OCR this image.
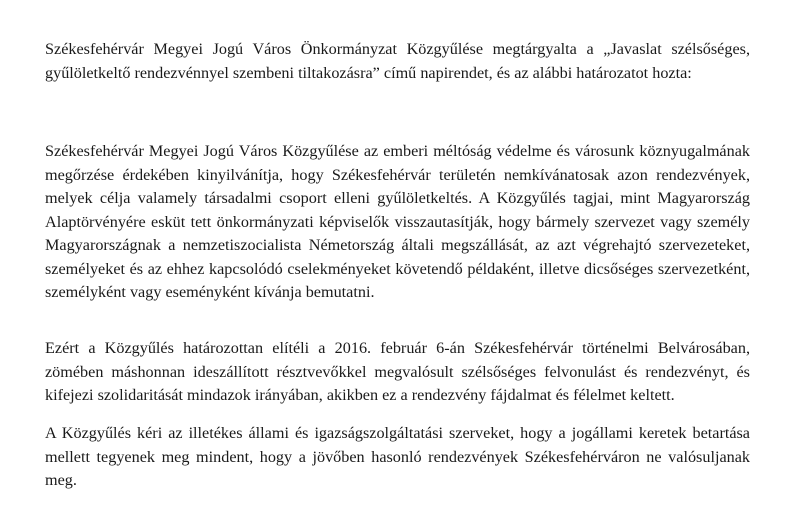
Székesfehérvár Megyei Jogú Város Önkormányzat Közgyűlése megtárgyalta a „Javaslat szélsőséges, gyűlöletkeltő rendezvénnyel szembeni tiltakozásra” című napirendet, és az alábbi határozatot hozta:

Székesfehérvár Megyei Jogú Város Közgyűlése az emberi méltóság védelme és városunk köznyugalmának megőrzése érdekében kinyilvánítja, hogy Székesfehérvár területén nemkívánatosak azon rendezvények, melyek célja valamely társadalmi csoport elleni gyűlöletkeltés. A Közgyűlés tagjai, mint Magyarország Alaptörvényére esküt tett önkormányzati képviselők visszautasítják, hogy bármely szervezet vagy személy Magyarországnak a nemzetiszocialista Németország általi megszállását, az azt végrehajtó szervezeteket, személyeket és az ehhez kapcsolódó cselekményeket követendő példaként, illetve dicsőséges szervezetként, személyként vagy eseményként kívánja bemutatni.

Ezért a Közgyűlés határozottan elítéli a 2016. február 6-án Székesfehérvár történelmi Belvárosában, zömében máshonnan ideszállított résztvevőkkel megvalósult szélsőséges felvonulást és rendezvényt, és kifejezi szolidaritását mindazok irányában, akikben ez a rendezvény fájdalmat és félelmet keltett.

A Közgyűlés kéri az illetékes állami és igazságszolgáltatási szerveket, hogy a jogállami keretek betartása mellett tegyenek meg mindent, hogy a jövőben hasonló rendezvények Székesfehérváron ne valósuljanak meg.
